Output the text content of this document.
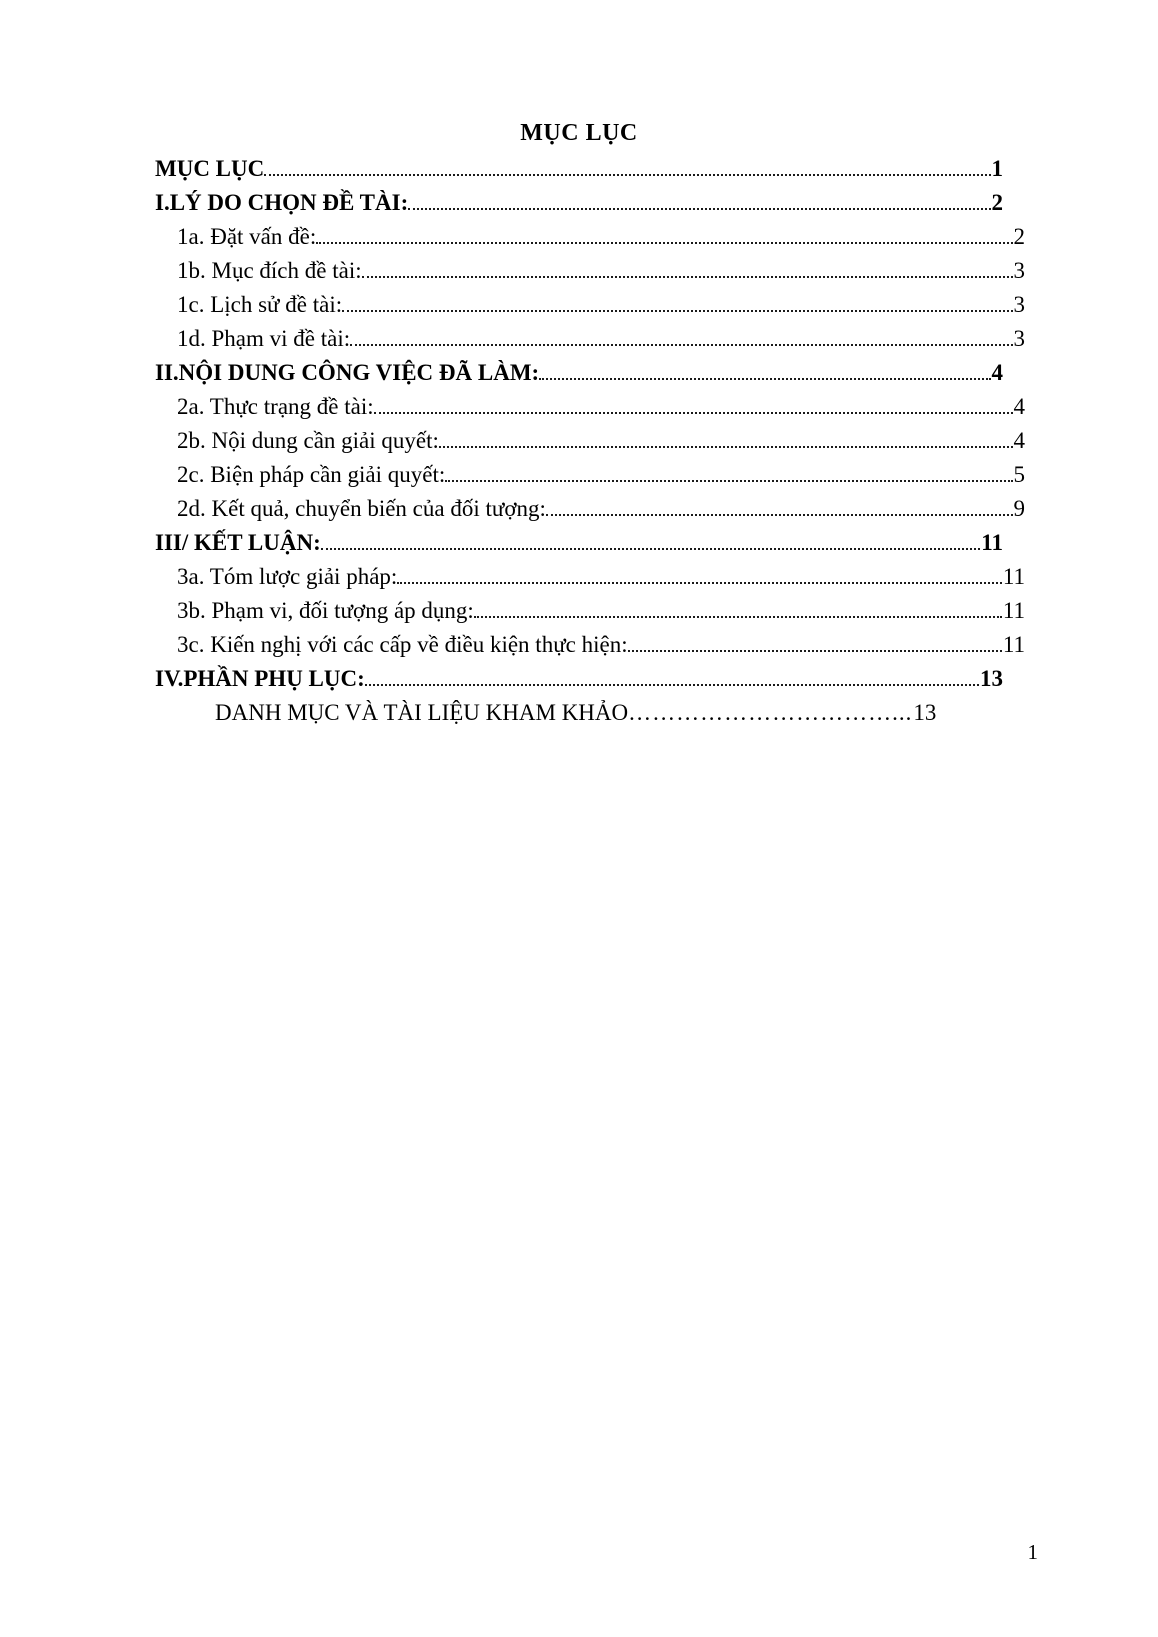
MỤC LỤC
MỤC LỤC	1
I.LÝ DO CHỌN ĐỀ TÀI:	2
1a. Đặt vấn đề:	2
1b. Mục đích đề tài:	3
1c. Lịch sử đề tài:	3
1d. Phạm vi đề tài:	3
II.NỘI DUNG CÔNG VIỆC ĐÃ LÀM:	4
2a. Thực trạng đề tài:	4
2b. Nội dung cần giải quyết:	4
2c. Biện pháp cần giải quyết:	5
2d. Kết quả, chuyển biến của đối tượng:	9
III/ KẾT LUẬN:	11
3a. Tóm lược giải pháp:	11
3b. Phạm vi, đối tượng áp dụng:	11
3c. Kiến nghị với các cấp về điều kiện thực hiện:	11
IV.PHẦN PHỤ LỤC:	13
DANH MỤC VÀ TÀI LIỆU KHAM KHẢO ……………………………... 13
1
